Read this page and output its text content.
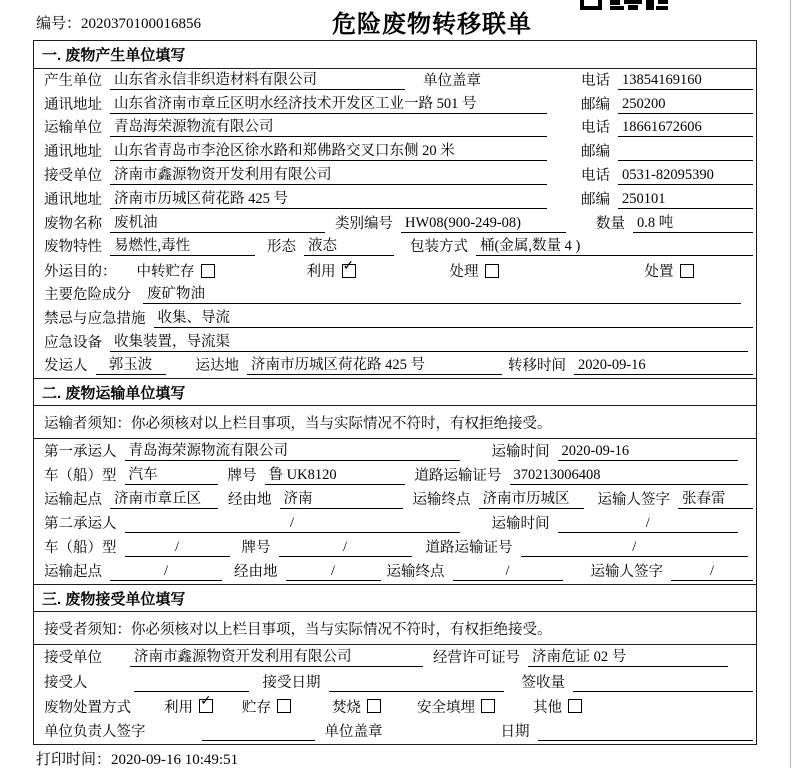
编号：2020370100016856	危险废物转移联单
一. 废物产生单位填写
产生单位 山东省永信非织造材料有限公司	单位盖章	电话 13854169160
通讯地址 山东省济南市章丘区明水经济技术开发区工业一路 501 号	邮编 250200
运输单位 青岛海荣源物流有限公司	电话 18661672606
通讯地址 山东省青岛市李沧区徐水路和郑佛路交叉口东侧 20 米	邮编
接受单位 济南市鑫源物资开发利用有限公司	电话 0531-82095390
通讯地址 济南市历城区荷花路 425 号	邮编 250101
废物名称 废机油	类别编号 HW08(900-249-08)	数量 0.8 吨
废物特性 易燃性,毒性	形态 液态	包装方式 桶(金属,数量 4 )
外运目的： 中转贮存	利用 ✓	处理	处置
主要危险成分 废矿物油
禁忌与应急措施 收集、导流
应急设备 收集装置，导流渠
发运人	郭玉波	运达地 济南市历城区荷花路 425 号	转移时间 2020-09-16
二. 废物运输单位填写
运输者须知：你必须核对以上栏目事项，当与实际情况不符时，有权拒绝接受。
第一承运人 青岛海荣源物流有限公司	运输时间 2020-09-16
车（船）型 汽车	牌号 鲁 UK8120	道路运输证号 370213006408
运输起点 济南市章丘区	经由地 济南	运输终点 济南市历城区	运输人签字 张春雷
第二承运人	/	运输时间	/
车（船）型	/	牌号	/	道路运输证号	/
运输起点	/	经由地	/	运输终点	/	运输人签字	/
三. 废物接受单位填写
接受者须知：你必须核对以上栏目事项，当与实际情况不符时，有权拒绝接受。
接受单位 济南市鑫源物资开发利用有限公司	经营许可证号 济南危证 02 号
接受人	接受日期	签收量
废物处置方式 利用 ✓ 贮存	焚烧	安全填埋	其他
单位负责人签字	单位盖章	日期
打印时间：2020-09-16 10:49:51
